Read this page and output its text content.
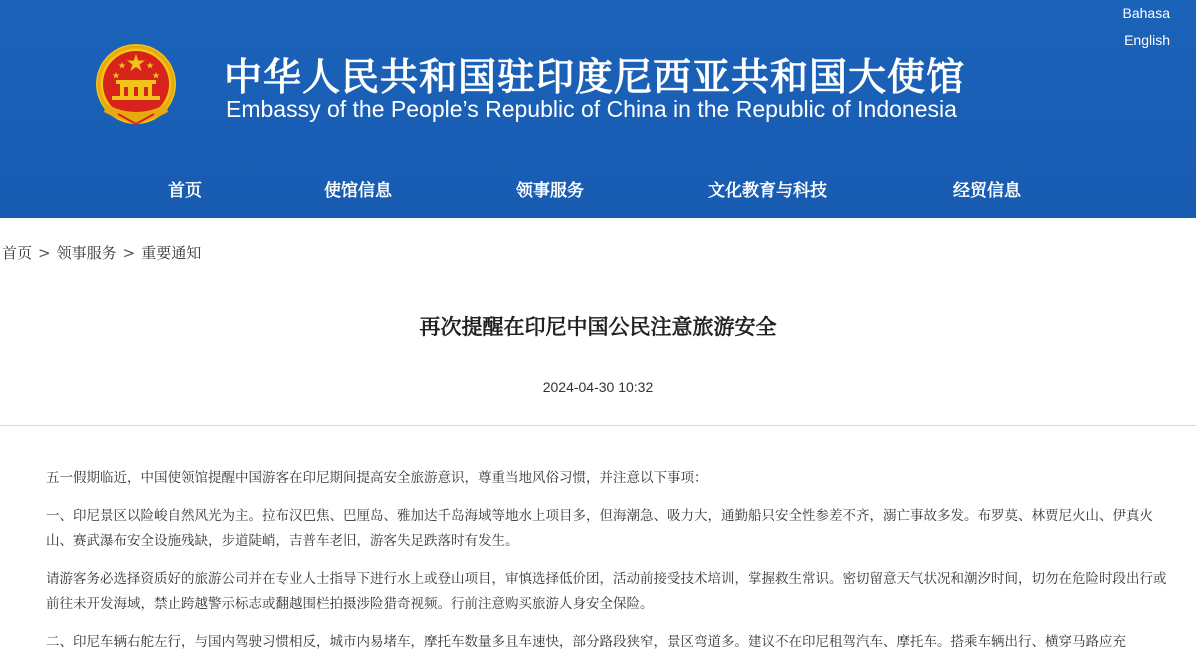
中华人民共和国驻印度尼西亚共和国大使馆
Embassy of the People’s Republic of China in the Republic of Indonesia
Bahasa
English
首页	使馆信息	领事服务	文化教育与科技	经贸信息
首页 > 领事服务 > 重要通知
再次提醒在印尼中国公民注意旅游安全
2024-04-30 10:32

五一假期临近，中国使领馆提醒中国游客在印尼期间提高安全旅游意识，尊重当地风俗习惯，并注意以下事项：

一、印尼景区以险峻自然风光为主。拉布汉巴焦、巴厘岛、雅加达千岛海域等地水上项目多，但海潮急、吸力大，通勤船只安全性参差不齐，溺亡事故多发。布罗莫、林贾尼火山、伊真火山、赛武瀑布安全设施残缺，步道陡峭，吉普车老旧，游客失足跌落时有发生。

请游客务必选择资质好的旅游公司并在专业人士指导下进行水上或登山项目，审慎选择低价团，活动前接受技术培训，掌握救生常识。密切留意天气状况和潮汐时间，切勿在危险时段出行或前往未开发海域，禁止跨越警示标志或翻越围栏拍摄涉险猎奇视频。行前注意购买旅游人身安全保险。

二、印尼车辆右舵左行，与国内驾驶习惯相反，城市内易堵车，摩托车数量多且车速快，部分路段狭窄，景区弯道多。建议不在印尼租驾汽车、摩托车。搭乘车辆出行、横穿马路应充
